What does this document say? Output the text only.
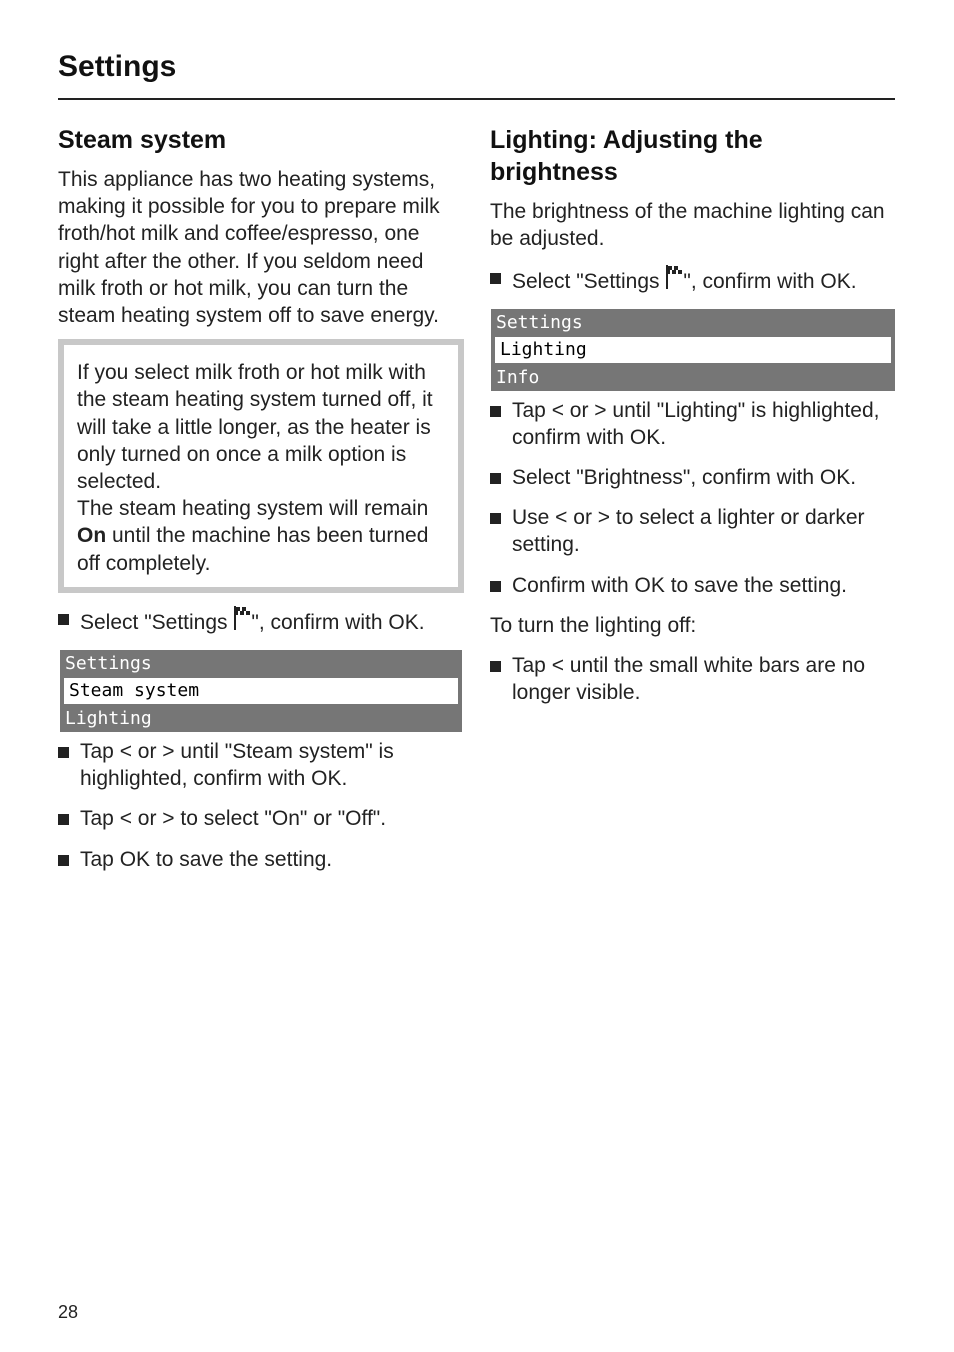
Settings
Steam system

This appliance has two heating systems, making it possible for you to prepare milk froth/hot milk and coffee/espresso, one right after the other. If you seldom need milk froth or hot milk, you can turn the steam heating system off to save energy.

If you select milk froth or hot milk with the steam heating system turned off, it will take a little longer, as the heater is only turned on once a milk option is selected.

The steam heating system will remain On until the machine has been turned off completely.

Select "Settings ", confirm with OK.
Settings
Steam system
Lighting
Tap < or > until "Steam system" is highlighted, confirm with OK.
Tap < or > to select "On" or "Off".
Tap OK to save the setting.
Lighting: Adjusting the brightness

The brightness of the machine lighting can be adjusted.

Select "Settings ", confirm with OK.
Settings
Lighting
Info
Tap < or > until "Lighting" is highlighted, confirm with OK.
Select "Brightness", confirm with OK.
Use < or > to select a lighter or darker setting.
Confirm with OK to save the setting.

To turn the lighting off:

Tap < until the small white bars are no longer visible.
28
